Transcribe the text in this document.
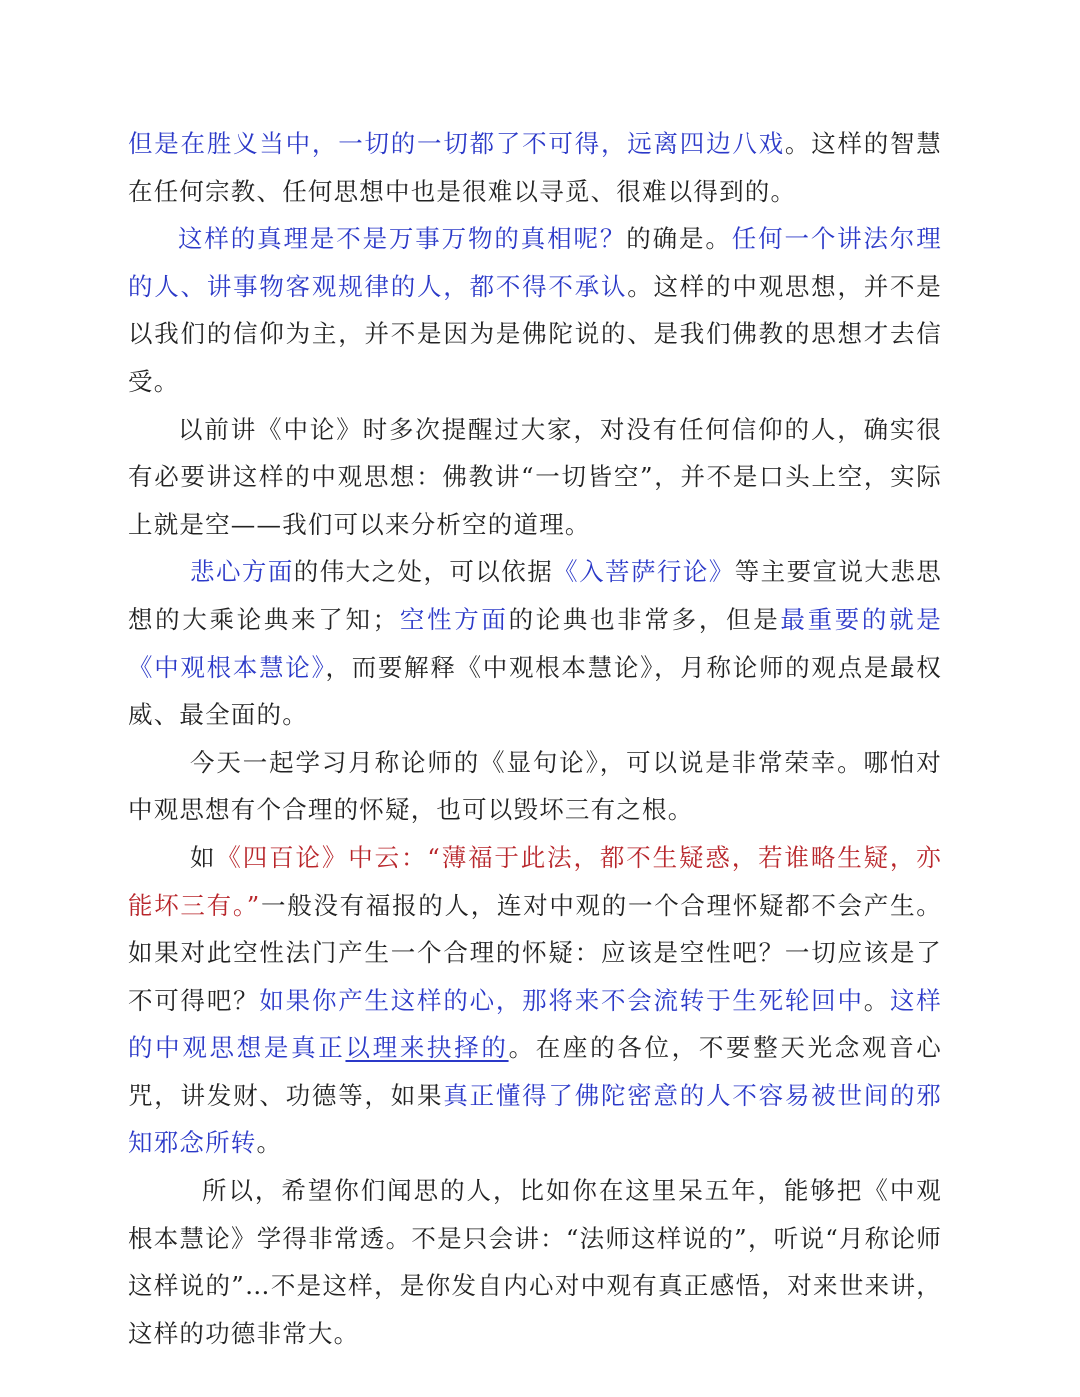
但是在胜义当中，一切的一切都了不可得，远离四边八戏。这样的智慧在任何宗教、任何思想中也是很难以寻觅、很难以得到的。

这样的真理是不是万事万物的真相呢？的确是。任何一个讲法尔理的人、讲事物客观规律的人，都不得不承认。这样的中观思想，并不是以我们的信仰为主，并不是因为是佛陀说的、是我们佛教的思想才去信受。

以前讲《中论》时多次提醒过大家，对没有任何信仰的人，确实很有必要讲这样的中观思想：佛教讲“一切皆空”，并不是口头上空，实际上就是空——我们可以来分析空的道理。

悲心方面的伟大之处，可以依据《入菩萨行论》等主要宣说大悲思想的大乘论典来了知；空性方面的论典也非常多，但是最重要的就是《中观根本慧论》，而要解释《中观根本慧论》，月称论师的观点是最权威、最全面的。

今天一起学习月称论师的《显句论》，可以说是非常荣幸。哪怕对中观思想有个合理的怀疑，也可以毁坏三有之根。

如《四百论》中云：“薄福于此法，都不生疑惑，若谁略生疑，亦能坏三有。”一般没有福报的人，连对中观的一个合理怀疑都不会产生。如果对此空性法门产生一个合理的怀疑：应该是空性吧？一切应该是了不可得吧？如果你产生这样的心，那将来不会流转于生死轮回中。这样的中观思想是真正以理来抉择的。在座的各位，不要整天光念观音心咒，讲发财、功德等，如果真正懂得了佛陀密意的人不容易被世间的邪知邪念所转。

所以，希望你们闻思的人，比如你在这里呆五年，能够把《中观根本慧论》学得非常透。不是只会讲：“法师这样说的”，听说“月称论师这样说的”…不是这样，是你发自内心对中观有真正感悟，对来世来讲，这样的功德非常大。
